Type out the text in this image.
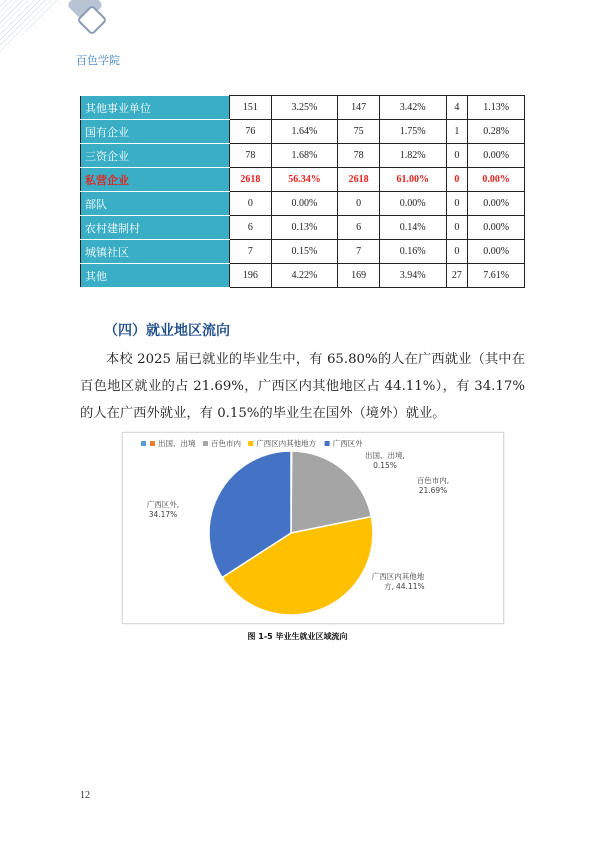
百色学院
其他事业单位	151	3.25%	147	3.42%	4	1.13%
国有企业	76	1.64%	75	1.75%	1	0.28%
三资企业	78	1.68%	78	1.82%	0	0.00%
私营企业	2618	56.34%	2618	61.00%	0	0.00%
部队	0	0.00%	0	0.00%	0	0.00%
农村建制村	6	0.13%	6	0.14%	0	0.00%
城镇社区	7	0.15%	7	0.16%	0	0.00%
其他	196	4.22%	169	3.94%	27	7.61%
（四）就业地区流向
本校 2025 届已就业的毕业生中，有 65.80%的人在广西就业（其中在百色地区就业的占 21.69%，广西区内其他地区占 44.11%），有 34.17%的人在广西外就业，有 0.15%的毕业生在国外（境外）就业。
出国、出境 百色市内 广西区内其他地方 广西区外
出国、出境,
0.15%
百色市内,
21.69%
广西区内其他地
方, 44.11%
广西区外,
34.17%
图 1-5 毕业生就业区域流向
12
